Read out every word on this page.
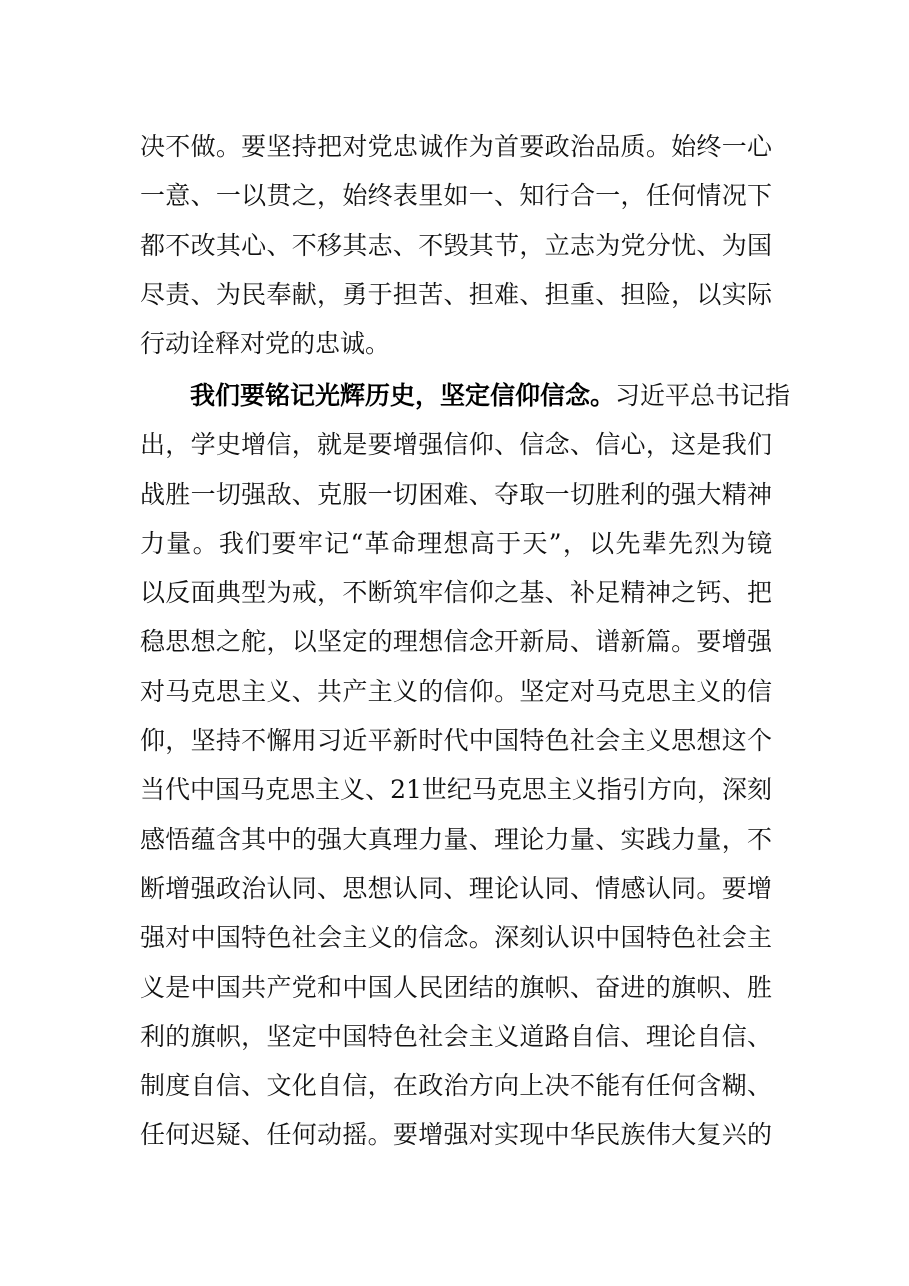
决不做。要坚持把对党忠诚作为首要政治品质。始终一心
一意、一以贯之，始终表里如一、知行合一，任何情况下
都不改其心、不移其志、不毁其节，立志为党分忧、为国
尽责、为民奉献，勇于担苦、担难、担重、担险，以实际
行动诠释对党的忠诚。
我们要铭记光辉历史，坚定信仰信念。习近平总书记指
出，学史增信，就是要增强信仰、信念、信心，这是我们
战胜一切强敌、克服一切困难、夺取一切胜利的强大精神
力量。我们要牢记“革命理想高于天”，以先辈先烈为镜
以反面典型为戒，不断筑牢信仰之基、补足精神之钙、把
稳思想之舵，以坚定的理想信念开新局、谱新篇。要增强
对马克思主义、共产主义的信仰。坚定对马克思主义的信
仰，坚持不懈用习近平新时代中国特色社会主义思想这个
当代中国马克思主义、21世纪马克思主义指引方向，深刻
感悟蕴含其中的强大真理力量、理论力量、实践力量，不
断增强政治认同、思想认同、理论认同、情感认同。要增
强对中国特色社会主义的信念。深刻认识中国特色社会主
义是中国共产党和中国人民团结的旗帜、奋进的旗帜、胜
利的旗帜，坚定中国特色社会主义道路自信、理论自信、
制度自信、文化自信，在政治方向上决不能有任何含糊、
任何迟疑、任何动摇。要增强对实现中华民族伟大复兴的
